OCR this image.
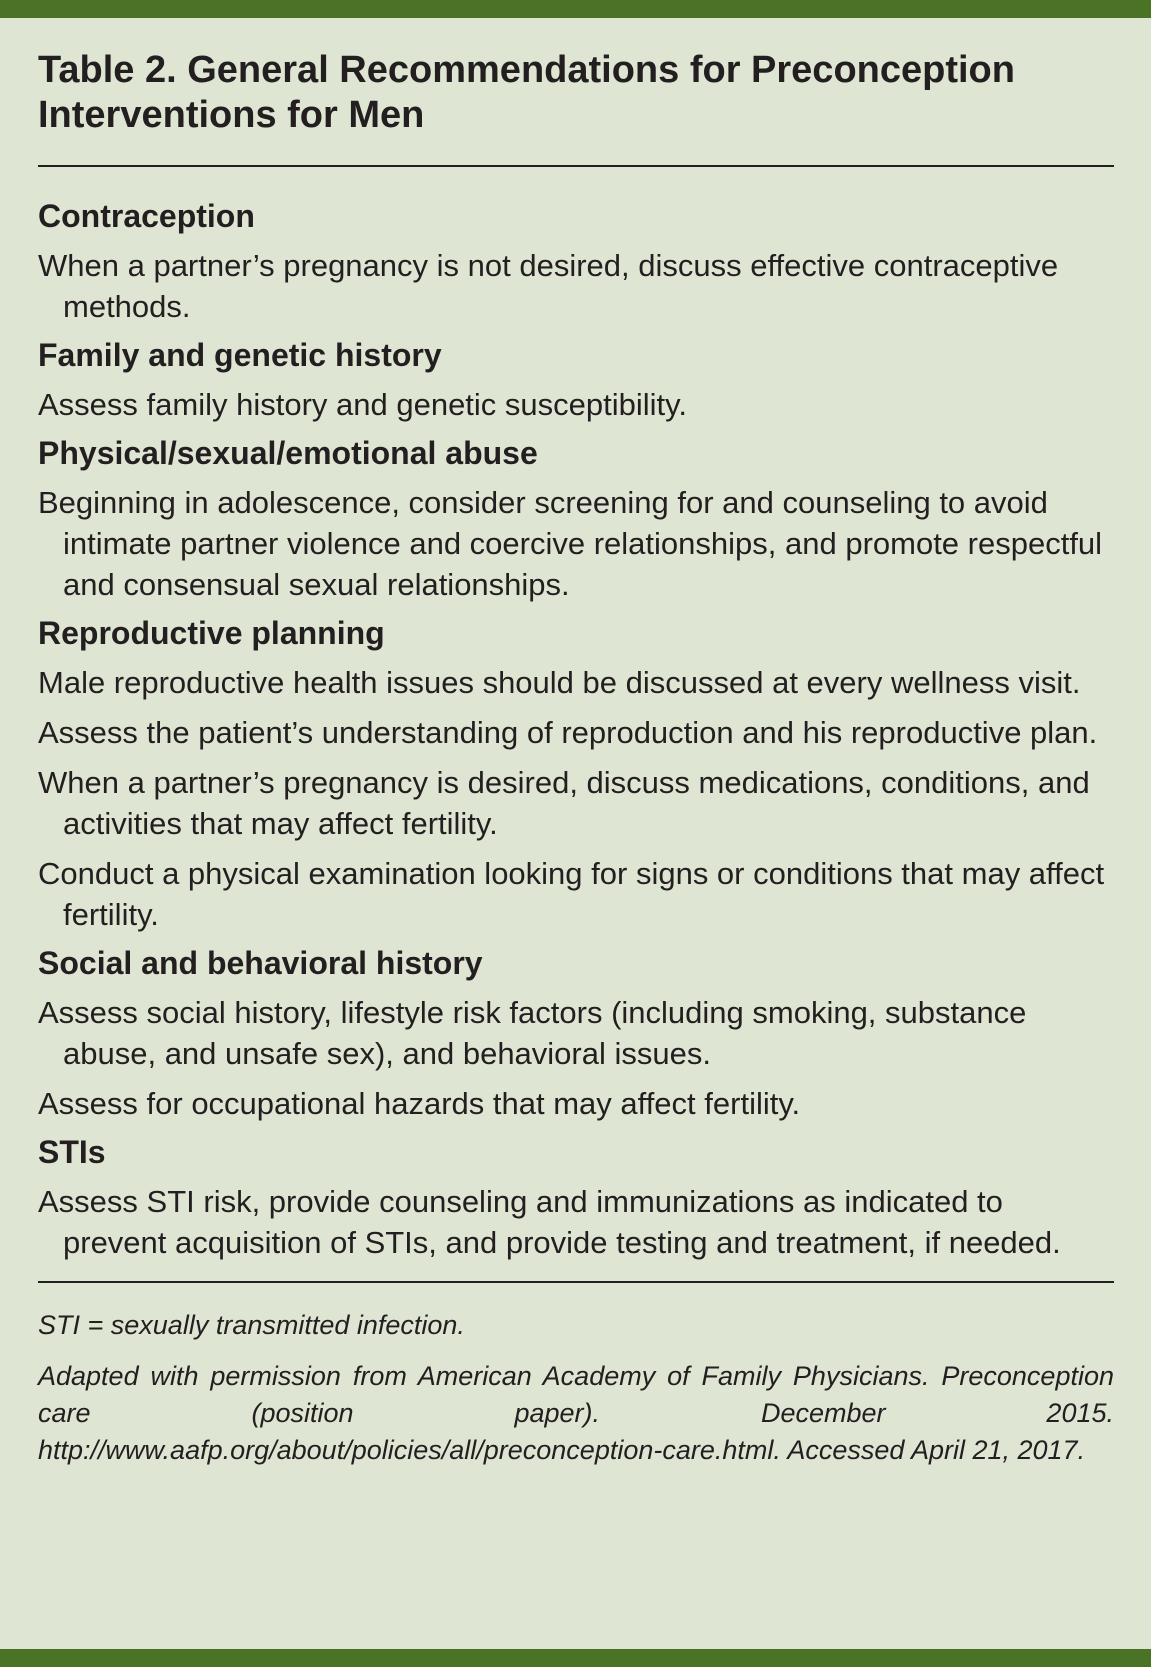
Table 2. General Recommendations for Preconception
Interventions for Men
Contraception
When a partner’s pregnancy is not desired, discuss effective contraceptive methods.
Family and genetic history
Assess family history and genetic susceptibility.
Physical/sexual/emotional abuse
Beginning in adolescence, consider screening for and counseling to avoid intimate partner violence and coercive relationships, and promote respectful and consensual sexual relationships.
Reproductive planning
Male reproductive health issues should be discussed at every wellness visit.
Assess the patient’s understanding of reproduction and his reproductive plan.
When a partner’s pregnancy is desired, discuss medications, conditions, and activities that may affect fertility.
Conduct a physical examination looking for signs or conditions that may affect fertility.
Social and behavioral history
Assess social history, lifestyle risk factors (including smoking, substance abuse, and unsafe sex), and behavioral issues.
Assess for occupational hazards that may affect fertility.
STIs
Assess STI risk, provide counseling and immunizations as indicated to prevent acquisition of STIs, and provide testing and treatment, if needed.

STI = sexually transmitted infection.

Adapted with permission from American Academy of Family Physicians. Preconception care (position paper). December 2015. http://www.aafp.org/about/policies/all/preconception-care.html. Accessed April 21, 2017.
